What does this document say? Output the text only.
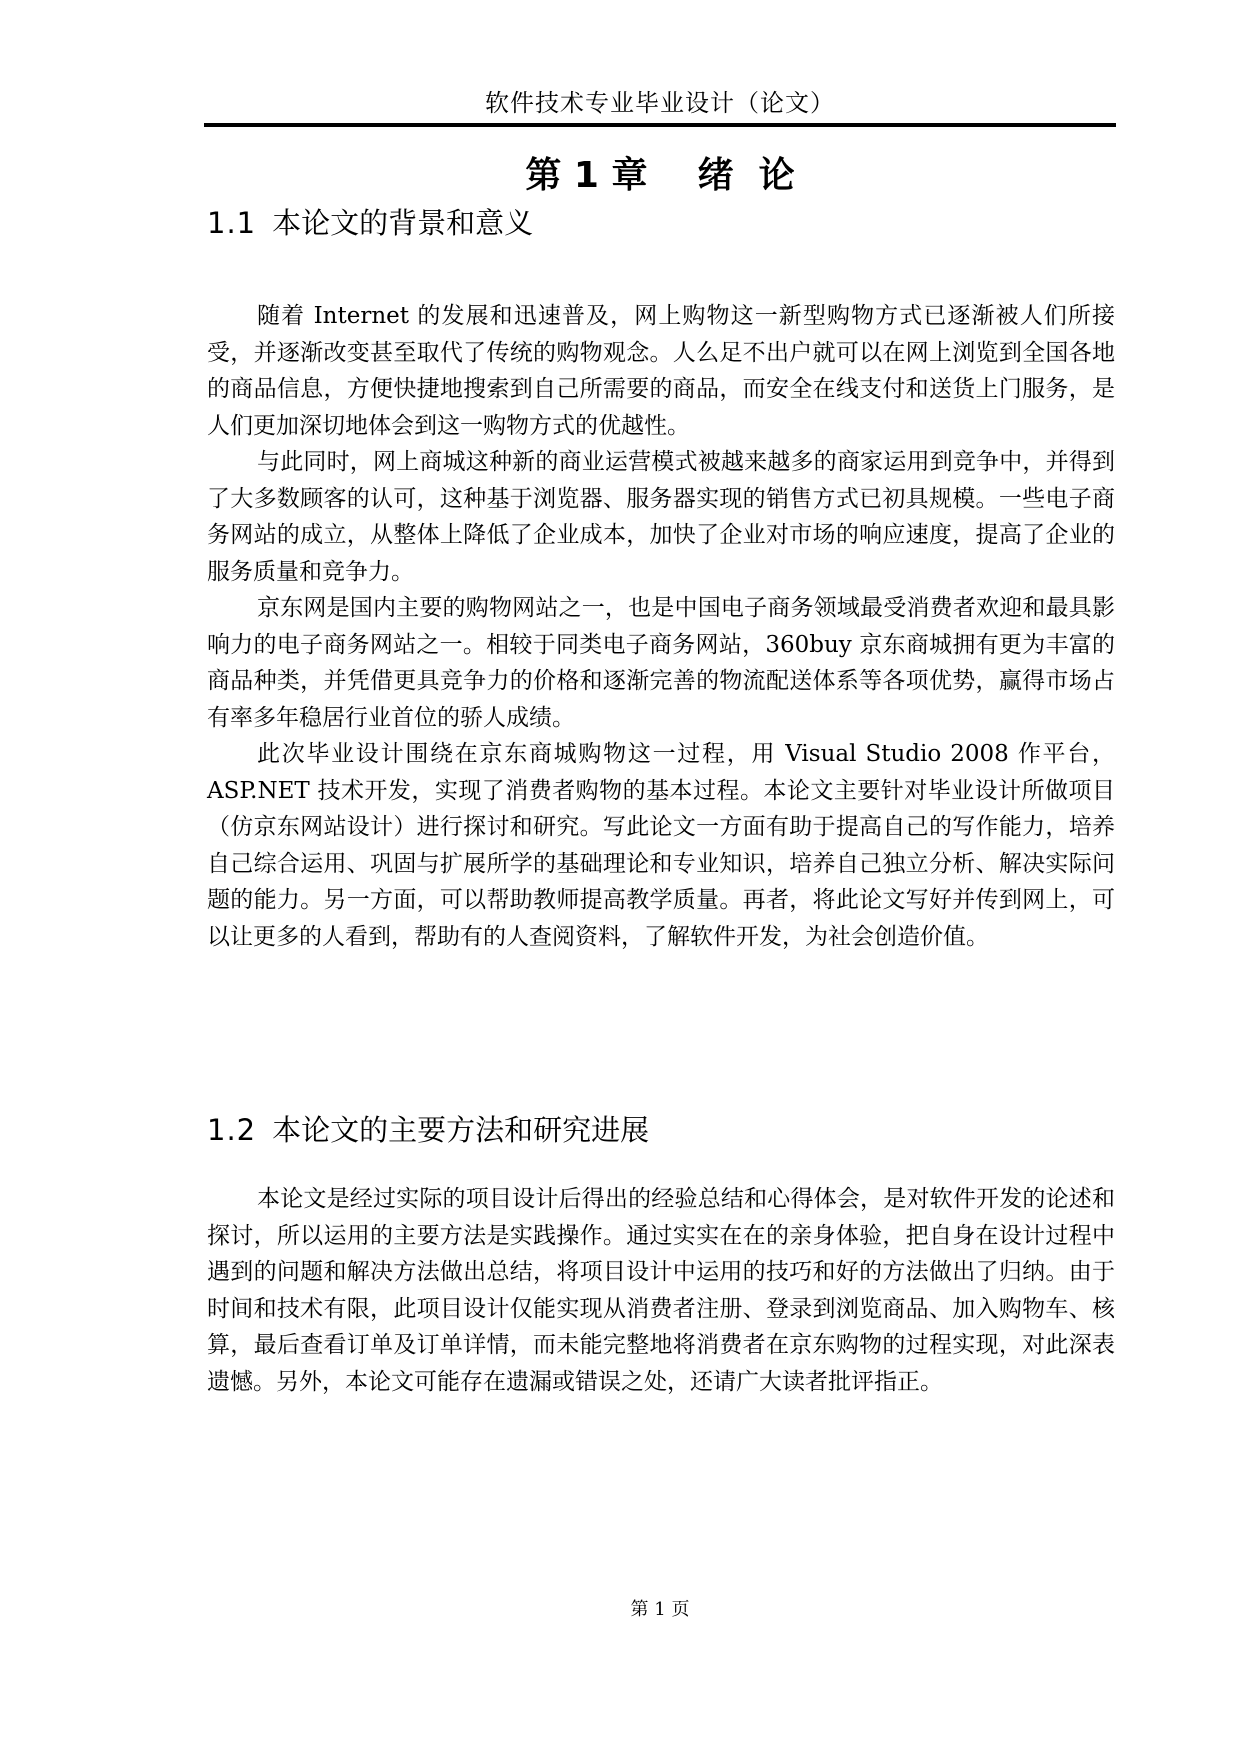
软件技术专业毕业设计（论文）
第 1 章    绪  论
1.1 本论文的背景和意义

随着 Internet 的发展和迅速普及，网上购物这一新型购物方式已逐渐被人们所接受，并逐渐改变甚至取代了传统的购物观念。人么足不出户就可以在网上浏览到全国各地的商品信息，方便快捷地搜索到自己所需要的商品，而安全在线支付和送货上门服务，是人们更加深切地体会到这一购物方式的优越性。

与此同时，网上商城这种新的商业运营模式被越来越多的商家运用到竞争中，并得到了大多数顾客的认可，这种基于浏览器、服务器实现的销售方式已初具规模。一些电子商务网站的成立，从整体上降低了企业成本，加快了企业对市场的响应速度，提高了企业的服务质量和竞争力。

京东网是国内主要的购物网站之一，也是中国电子商务领域最受消费者欢迎和最具影响力的电子商务网站之一。相较于同类电子商务网站，360buy 京东商城拥有更为丰富的商品种类，并凭借更具竞争力的价格和逐渐完善的物流配送体系等各项优势，赢得市场占有率多年稳居行业首位的骄人成绩。

此次毕业设计围绕在京东商城购物这一过程，用 Visual Studio 2008 作平台，ASP.NET 技术开发，实现了消费者购物的基本过程。本论文主要针对毕业设计所做项目（仿京东网站设计）进行探讨和研究。写此论文一方面有助于提高自己的写作能力，培养自己综合运用、巩固与扩展所学的基础理论和专业知识，培养自己独立分析、解决实际问题的能力。另一方面，可以帮助教师提高教学质量。再者，将此论文写好并传到网上，可以让更多的人看到，帮助有的人查阅资料，了解软件开发，为社会创造价值。

1.2 本论文的主要方法和研究进展

本论文是经过实际的项目设计后得出的经验总结和心得体会，是对软件开发的论述和探讨，所以运用的主要方法是实践操作。通过实实在在的亲身体验，把自身在设计过程中遇到的问题和解决方法做出总结，将项目设计中运用的技巧和好的方法做出了归纳。由于时间和技术有限，此项目设计仅能实现从消费者注册、登录到浏览商品、加入购物车、核算，最后查看订单及订单详情，而未能完整地将消费者在京东购物的过程实现，对此深表遗憾。另外，本论文可能存在遗漏或错误之处，还请广大读者批评指正。

第 1 页
